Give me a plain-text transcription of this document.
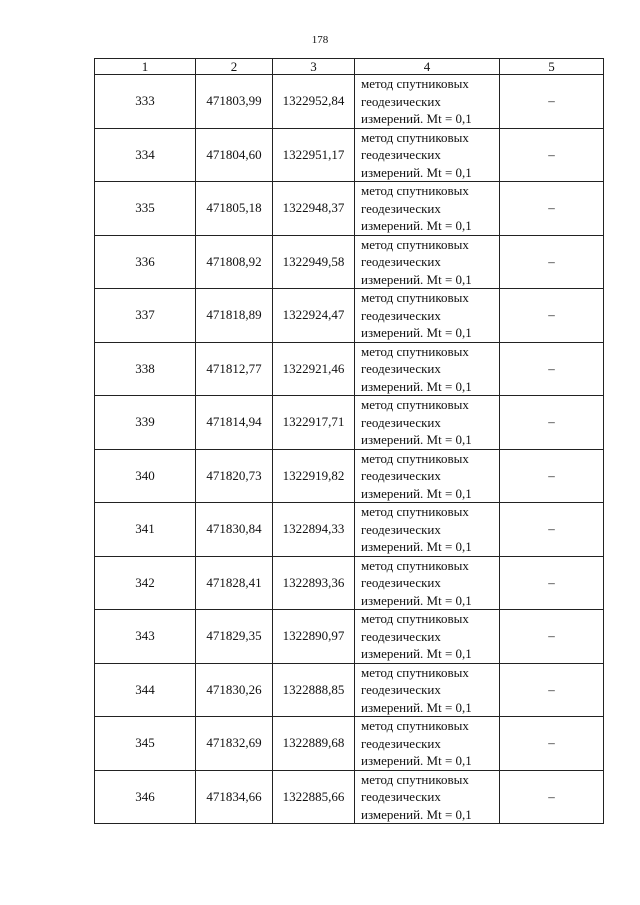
178
1	2	3	4	5
333	471803,99	1322952,84	метод спутниковых
геодезических
измерений. Mt = 0,1	–
334	471804,60	1322951,17	метод спутниковых
геодезических
измерений. Mt = 0,1	–
335	471805,18	1322948,37	метод спутниковых
геодезических
измерений. Mt = 0,1	–
336	471808,92	1322949,58	метод спутниковых
геодезических
измерений. Mt = 0,1	–
337	471818,89	1322924,47	метод спутниковых
геодезических
измерений. Mt = 0,1	–
338	471812,77	1322921,46	метод спутниковых
геодезических
измерений. Mt = 0,1	–
339	471814,94	1322917,71	метод спутниковых
геодезических
измерений. Mt = 0,1	–
340	471820,73	1322919,82	метод спутниковых
геодезических
измерений. Mt = 0,1	–
341	471830,84	1322894,33	метод спутниковых
геодезических
измерений. Mt = 0,1	–
342	471828,41	1322893,36	метод спутниковых
геодезических
измерений. Mt = 0,1	–
343	471829,35	1322890,97	метод спутниковых
геодезических
измерений. Mt = 0,1	–
344	471830,26	1322888,85	метод спутниковых
геодезических
измерений. Mt = 0,1	–
345	471832,69	1322889,68	метод спутниковых
геодезических
измерений. Mt = 0,1	–
346	471834,66	1322885,66	метод спутниковых
геодезических
измерений. Mt = 0,1	–
